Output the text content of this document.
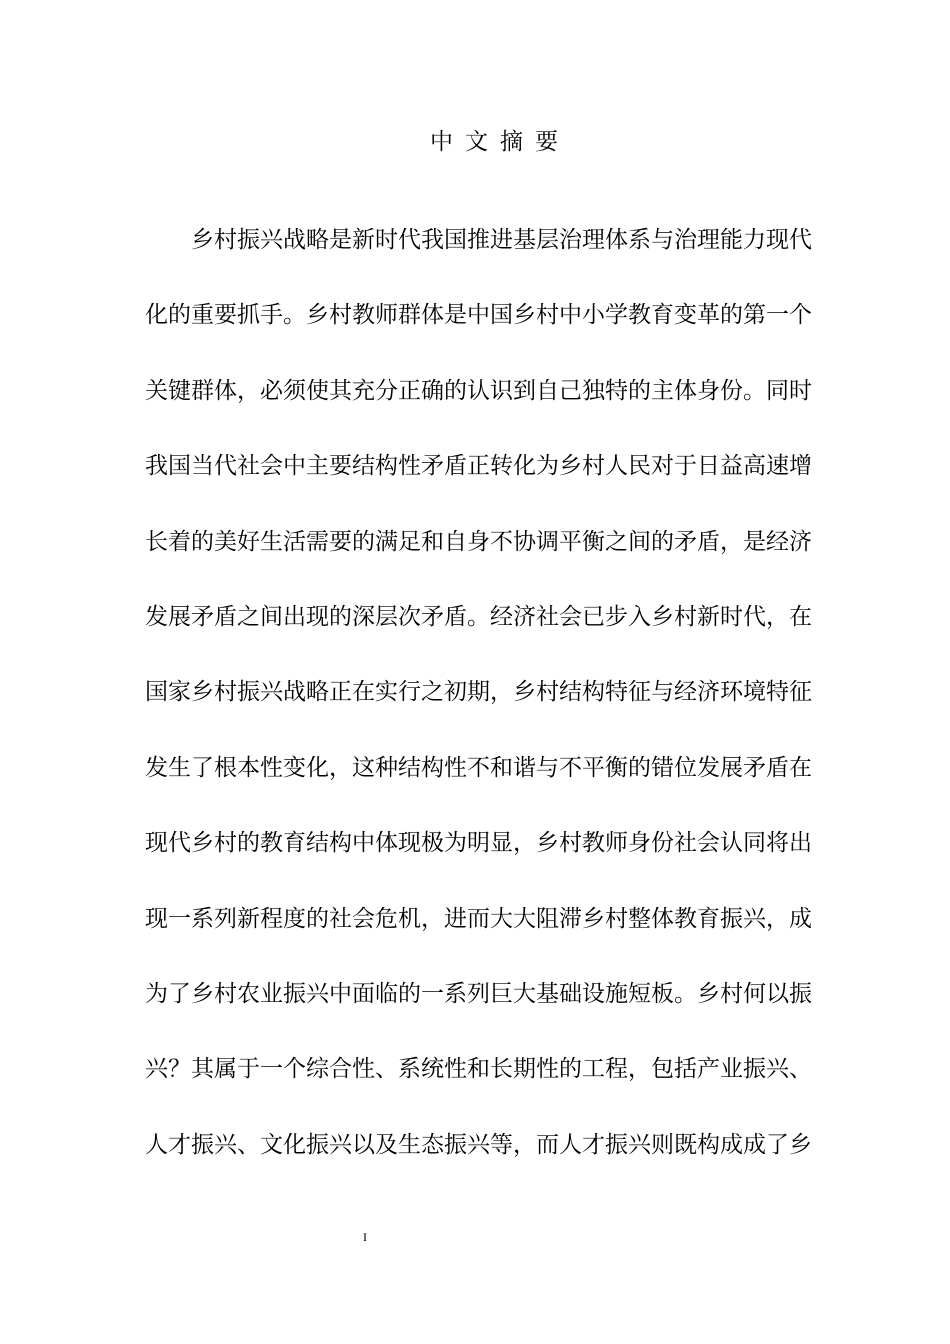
中文摘要
乡村振兴战略是新时代我国推进基层治理体系与治理能力现代
化的重要抓手。乡村教师群体是中国乡村中小学教育变革的第一个
关键群体，必须使其充分正确的认识到自己独特的主体身份。同时
我国当代社会中主要结构性矛盾正转化为乡村人民对于日益高速增
长着的美好生活需要的满足和自身不协调平衡之间的矛盾，是经济
发展矛盾之间出现的深层次矛盾。经济社会已步入乡村新时代，在
国家乡村振兴战略正在实行之初期，乡村结构特征与经济环境特征
发生了根本性变化，这种结构性不和谐与不平衡的错位发展矛盾在
现代乡村的教育结构中体现极为明显，乡村教师身份社会认同将出
现一系列新程度的社会危机，进而大大阻滞乡村整体教育振兴，成
为了乡村农业振兴中面临的一系列巨大基础设施短板。乡村何以振
兴？其属于一个综合性、系统性和长期性的工程，包括产业振兴、
人才振兴、文化振兴以及生态振兴等，而人才振兴则既构成成了乡
I
